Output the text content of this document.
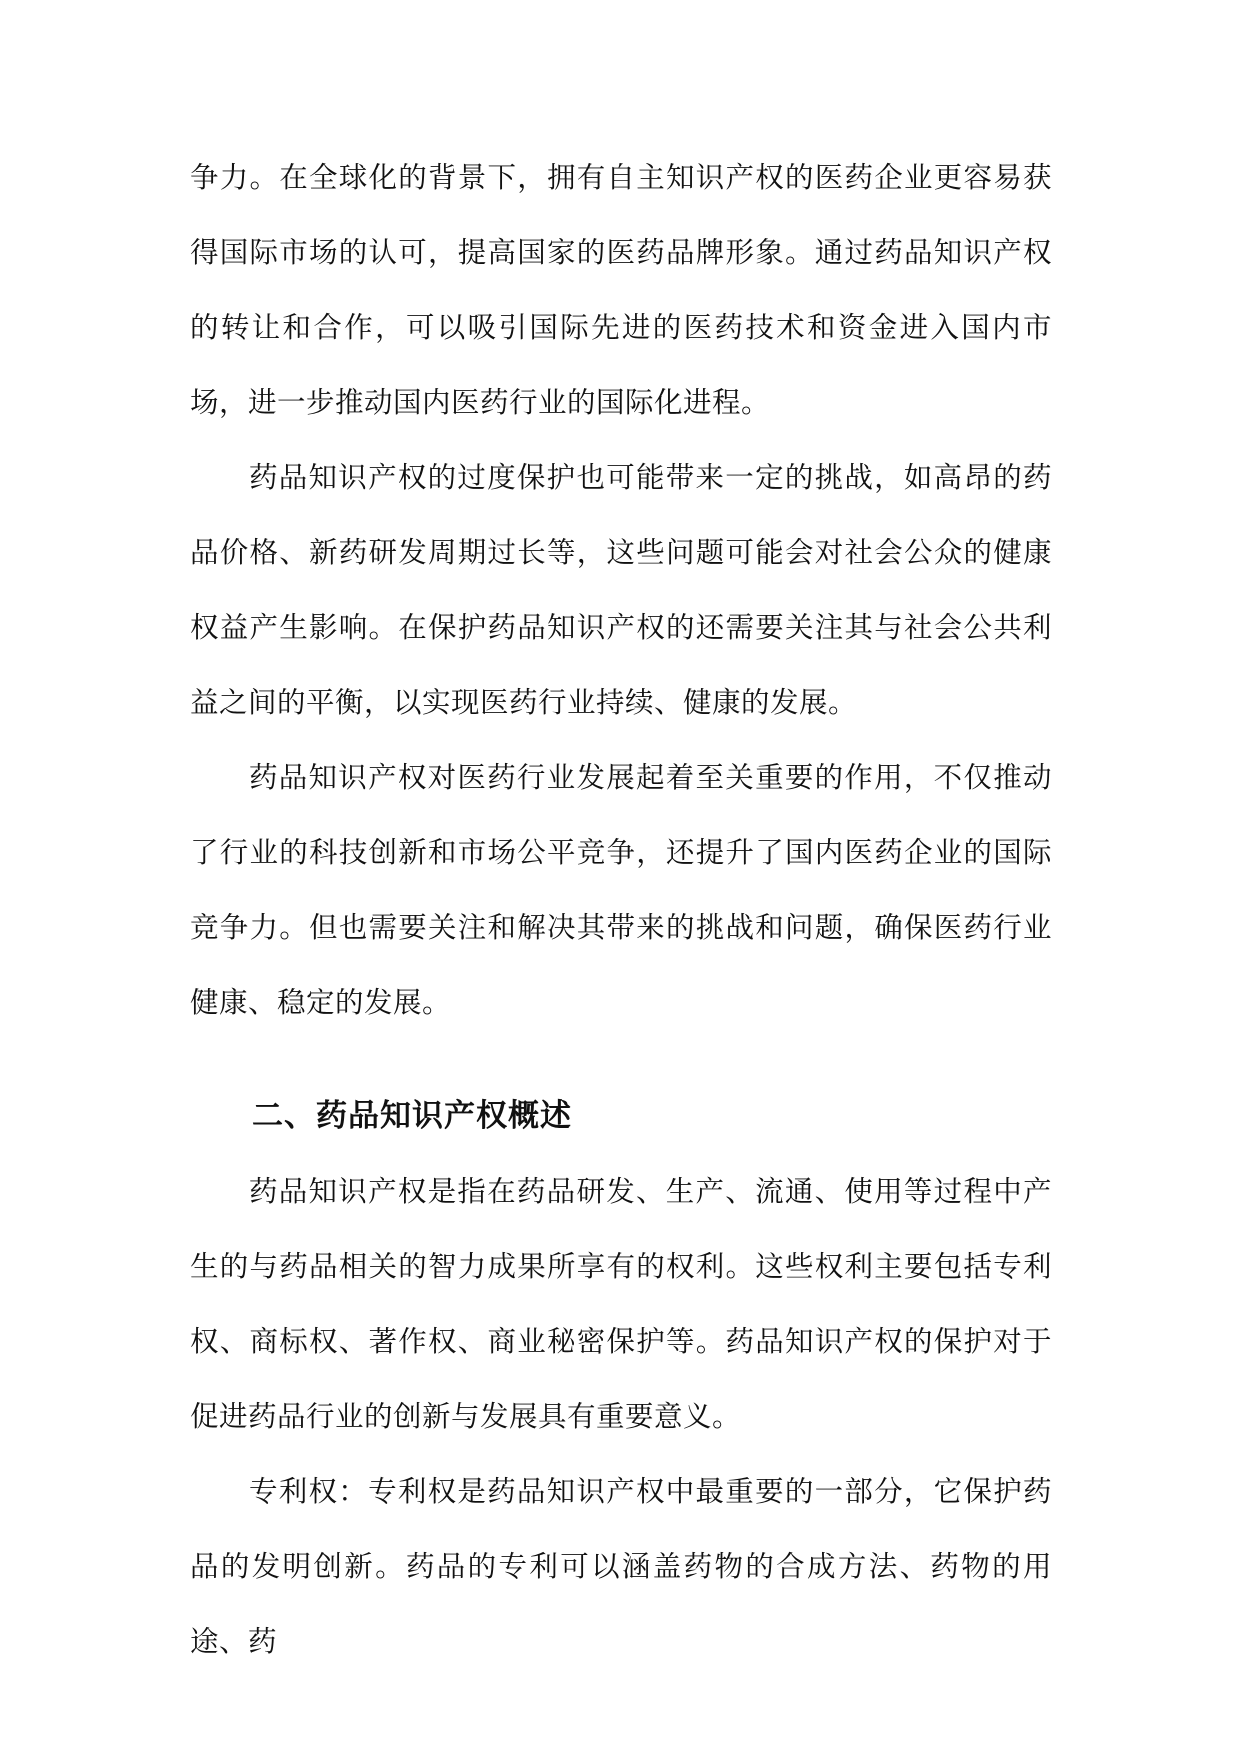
争力。在全球化的背景下，拥有自主知识产权的医药企业更容易获得国际市场的认可，提高国家的医药品牌形象。通过药品知识产权的转让和合作，可以吸引国际先进的医药技术和资金进入国内市场，进一步推动国内医药行业的国际化进程。

药品知识产权的过度保护也可能带来一定的挑战，如高昂的药品价格、新药研发周期过长等，这些问题可能会对社会公众的健康权益产生影响。在保护药品知识产权的还需要关注其与社会公共利益之间的平衡，以实现医药行业持续、健康的发展。

药品知识产权对医药行业发展起着至关重要的作用，不仅推动了行业的科技创新和市场公平竞争，还提升了国内医药企业的国际竞争力。但也需要关注和解决其带来的挑战和问题，确保医药行业健康、稳定的发展。

二、药品知识产权概述

药品知识产权是指在药品研发、生产、流通、使用等过程中产生的与药品相关的智力成果所享有的权利。这些权利主要包括专利权、商标权、著作权、商业秘密保护等。药品知识产权的保护对于促进药品行业的创新与发展具有重要意义。

专利权：专利权是药品知识产权中最重要的一部分，它保护药品的发明创新。药品的专利可以涵盖药物的合成方法、药物的用途、药
